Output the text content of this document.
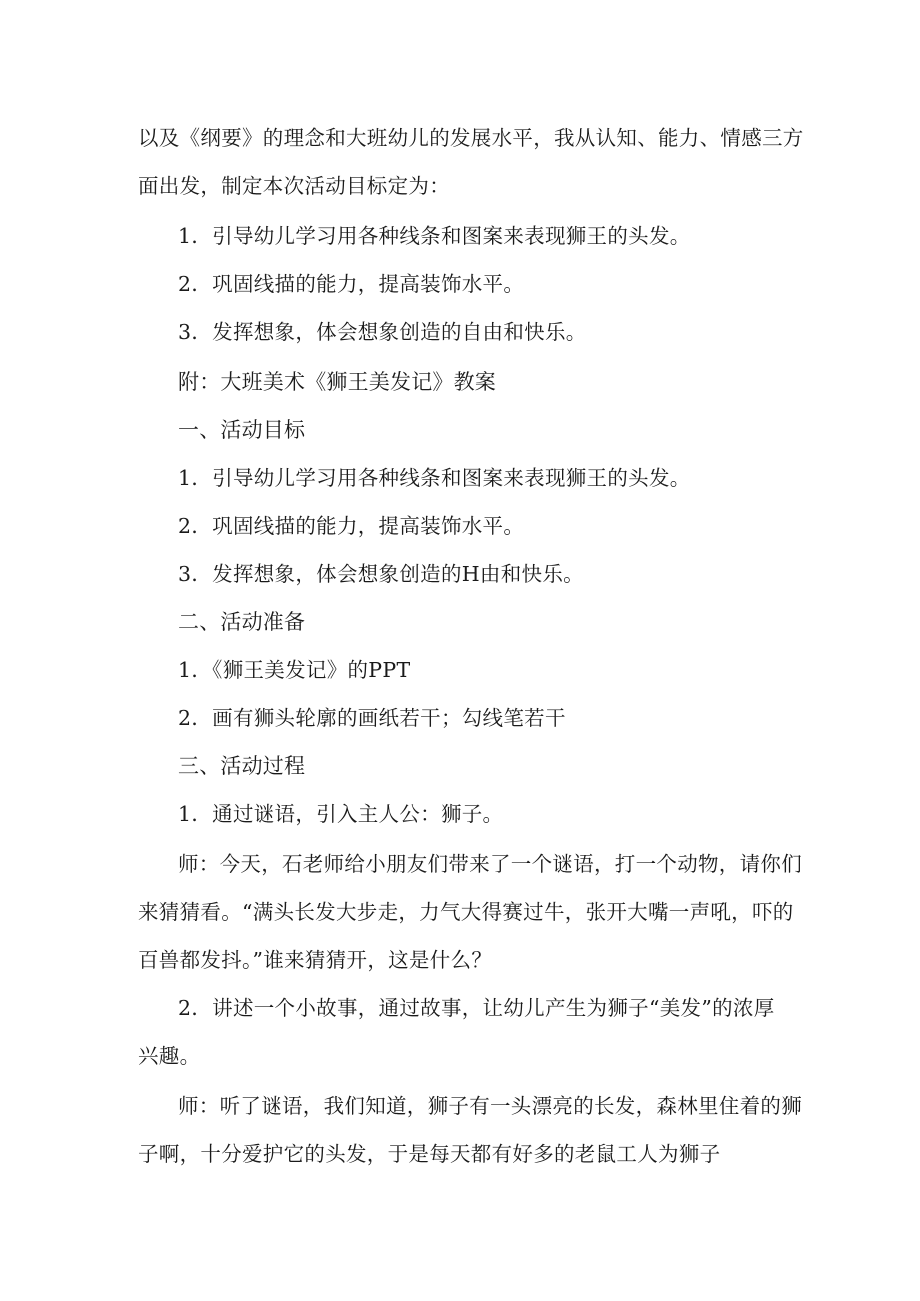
以及《纲要》的理念和大班幼儿的发展水平，我从认知、能力、情感三方
面出发，制定本次活动目标定为：
1．引导幼儿学习用各种线条和图案来表现狮王的头发。
2．巩固线描的能力，提高装饰水平。
3．发挥想象，体会想象创造的自由和快乐。
附：大班美术《狮王美发记》教案
一、活动目标
1．引导幼儿学习用各种线条和图案来表现狮王的头发。
2．巩固线描的能力，提高装饰水平。
3．发挥想象，体会想象创造的H由和快乐。
二、活动准备
1．《狮王美发记》的PPT
2．画有狮头轮廓的画纸若干；勾线笔若干
三、活动过程
1．通过谜语，引入主人公：狮子。
师：今天，石老师给小朋友们带来了一个谜语，打一个动物，请你们
来猜猜看。“满头长发大步走，力气大得赛过牛，张开大嘴一声吼，吓的
百兽都发抖。”谁来猜猜开，这是什么？
2．讲述一个小故事，通过故事，让幼儿产生为狮子“美发”的浓厚
兴趣。
师：听了谜语，我们知道，狮子有一头漂亮的长发，森林里住着的狮
子啊，十分爱护它的头发，于是每天都有好多的老鼠工人为狮子
